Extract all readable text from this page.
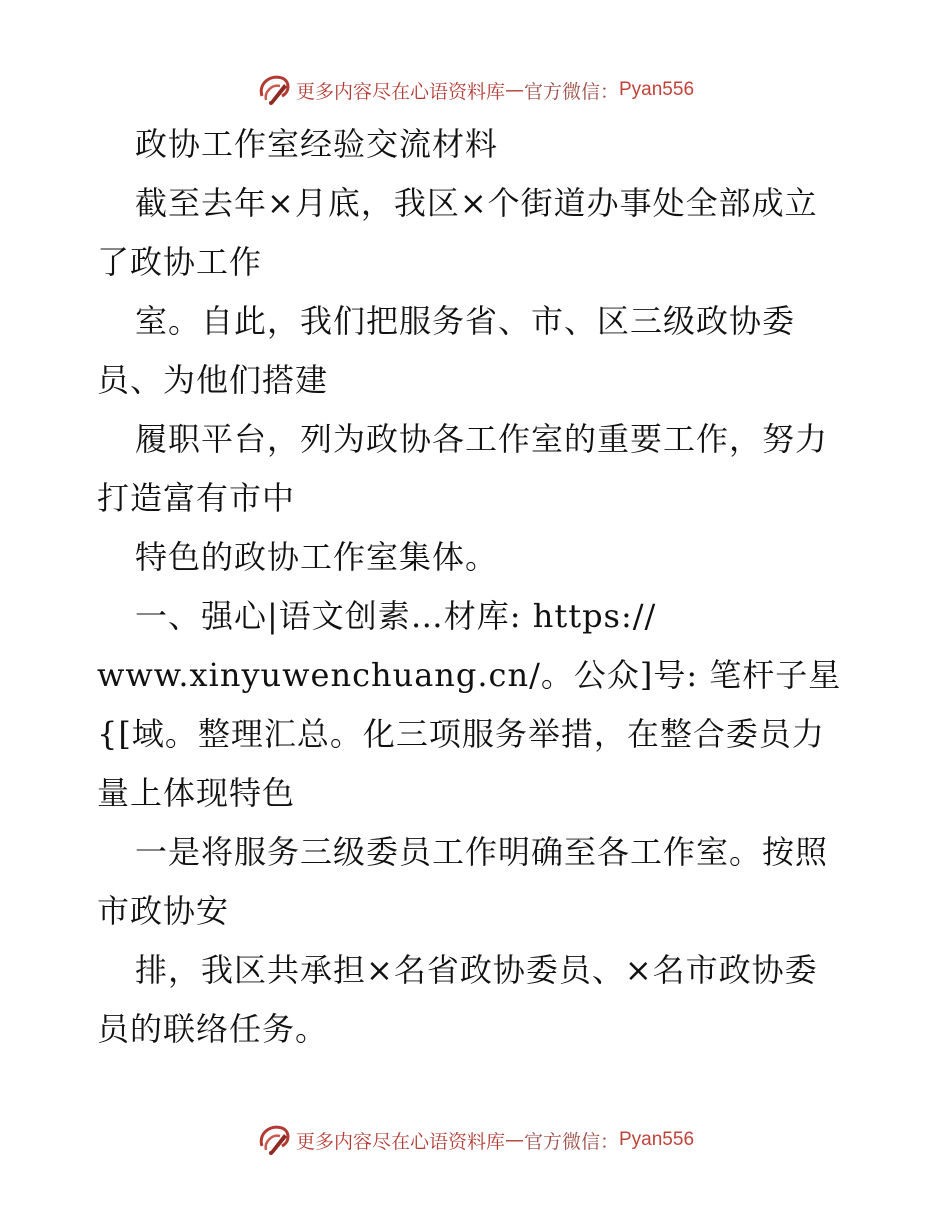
更多内容尽在心语资料库 — 官方微信： Pyan556
政协工作室经验交流材料
截至去年×月底，我区×个街道办事处全部成立
了政协工作
室。自此，我们把服务省、市、区三级政协委
员、为他们搭建
履职平台，列为政协各工作室的重要工作，努力
打造富有市中
特色的政协工作室集体。
一、强心|语文创素…材库: https://
www.xinyuwenchuang.cn/。公众]号: 笔杆子星
{[域。整理汇总。化三项服务举措，在整合委员力
量上体现特色
一是将服务三级委员工作明确至各工作室。按照
市政协安
排，我区共承担×名省政协委员、×名市政协委
员的联络任务。
更多内容尽在心语资料库 — 官方微信： Pyan556
